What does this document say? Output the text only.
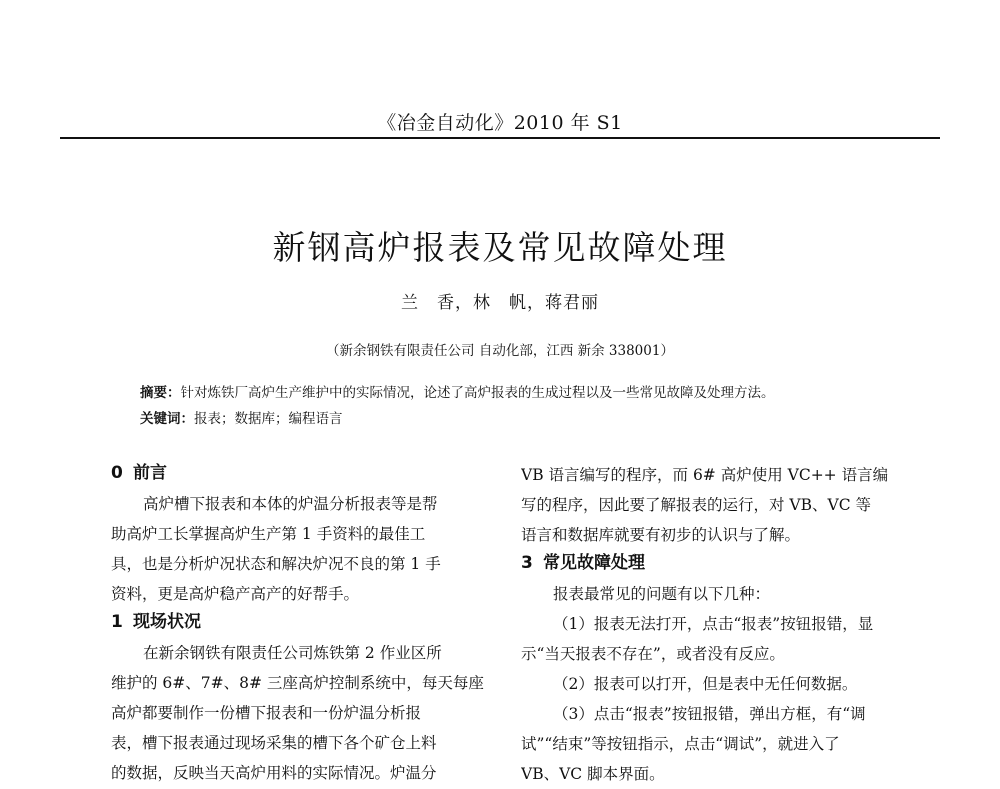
《冶金自动化》2010 年 S1
新钢高炉报表及常见故障处理
兰　香，林　帆，蒋君丽
（新余钢铁有限责任公司 自动化部，江西 新余 338001）
摘要：针对炼铁厂高炉生产维护中的实际情况，论述了高炉报表的生成过程以及一些常见故障及处理方法。
关键词：报表；数据库；编程语言
0 前言
高炉槽下报表和本体的炉温分析报表等是帮
助高炉工长掌握高炉生产第 1 手资料的最佳工
具，也是分析炉况状态和解决炉况不良的第 1 手
资料，更是高炉稳产高产的好帮手。
1 现场状况
在新余钢铁有限责任公司炼铁第 2 作业区所
维护的 6#、7#、8# 三座高炉控制系统中，每天每座
高炉都要制作一份槽下报表和一份炉温分析报
表，槽下报表通过现场采集的槽下各个矿仓上料
的数据，反映当天高炉用料的实际情况。炉温分
VB 语言编写的程序，而 6# 高炉使用 VC++ 语言编
写的程序，因此要了解报表的运行，对 VB、VC 等
语言和数据库就要有初步的认识与了解。
3 常见故障处理
报表最常见的问题有以下几种：
（1）报表无法打开，点击“报表”按钮报错，显
示“当天报表不存在”，或者没有反应。
（2）报表可以打开，但是表中无任何数据。
（3）点击“报表”按钮报错，弹出方框，有“调
试”“结束”等按钮指示，点击“调试”，就进入了
VB、VC 脚本界面。
